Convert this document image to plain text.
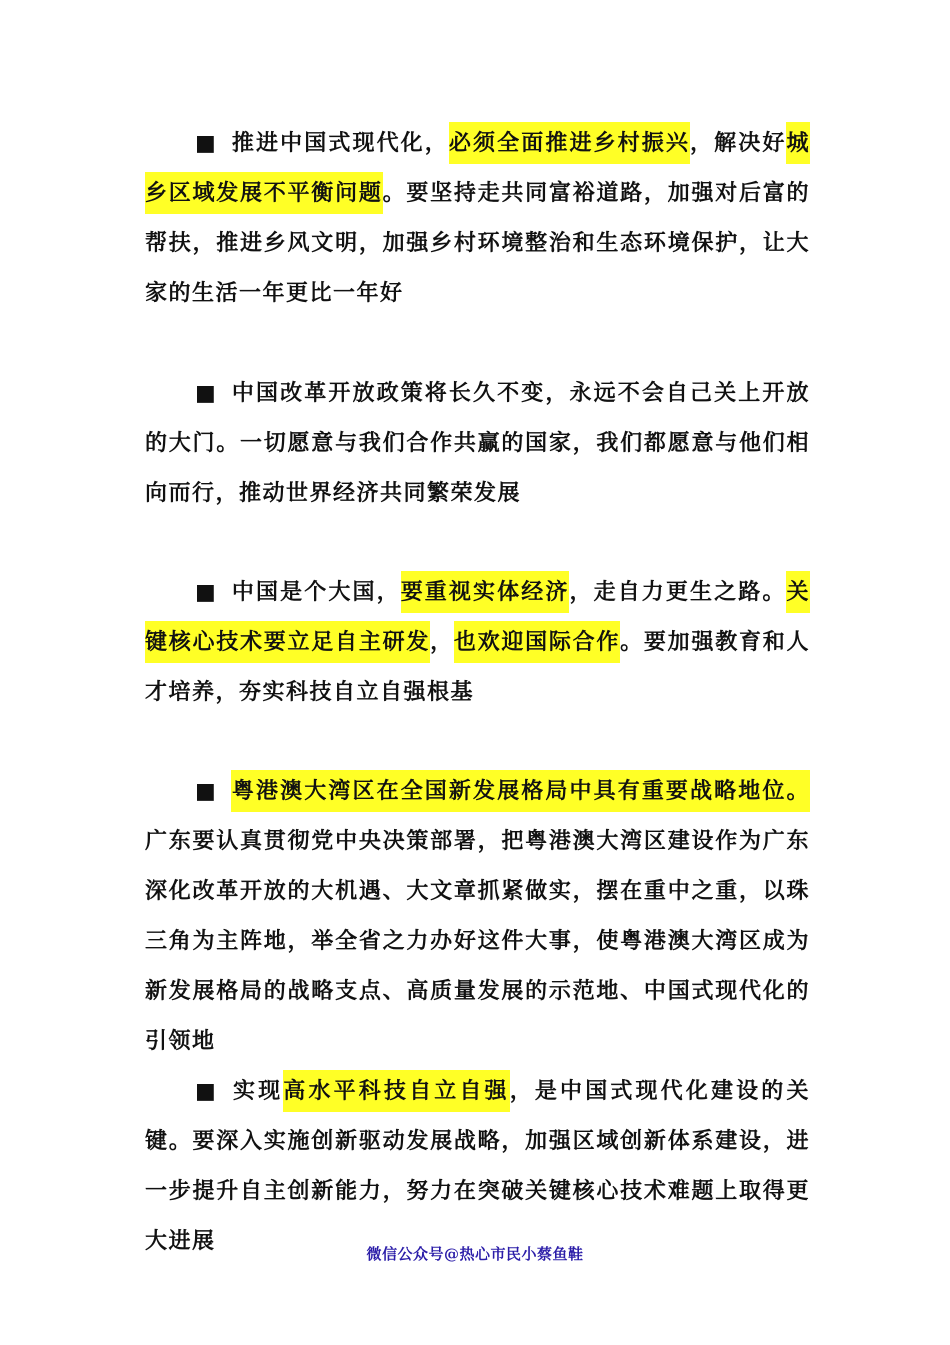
■ 推进中国式现代化，必须全面推进乡村振兴，解决好城乡区域发展不平衡问题。要坚持走共同富裕道路，加强对后富的帮扶，推进乡风文明，加强乡村环境整治和生态环境保护，让大家的生活一年更比一年好

■ 中国改革开放政策将长久不变，永远不会自己关上开放的大门。一切愿意与我们合作共赢的国家，我们都愿意与他们相向而行，推动世界经济共同繁荣发展

■ 中国是个大国，要重视实体经济，走自力更生之路。关键核心技术要立足自主研发，也欢迎国际合作。要加强教育和人才培养，夯实科技自立自强根基

■ 粤港澳大湾区在全国新发展格局中具有重要战略地位。广东要认真贯彻党中央决策部署，把粤港澳大湾区建设作为广东深化改革开放的大机遇、大文章抓紧做实，摆在重中之重，以珠三角为主阵地，举全省之力办好这件大事，使粤港澳大湾区成为新发展格局的战略支点、高质量发展的示范地、中国式现代化的引领地

■ 实现高水平科技自立自强，是中国式现代化建设的关键。要深入实施创新驱动发展战略，加强区域创新体系建设，进一步提升自主创新能力，努力在突破关键核心技术难题上取得更大进展	微信公众号@热心市民小蔡鱼鞋
